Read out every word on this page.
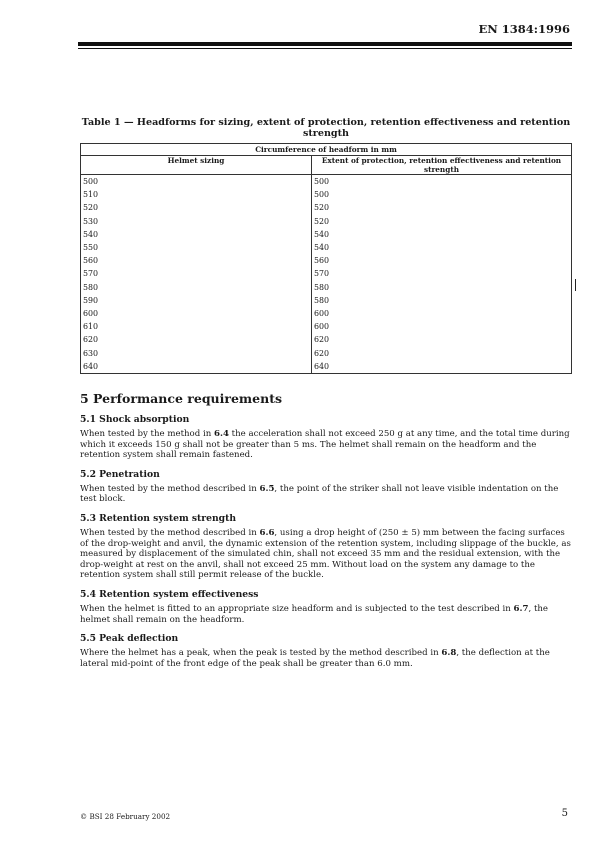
EN 1384:1996
Table 1 — Headforms for sizing, extent of protection, retention effectiveness and retention strength
Circumference of headform in mm	
Helmet sizing	Extent of protection, retention effectiveness and retention strength
500	500
510	500
520	520
530	520
540	540
550	540
560	560
570	570
580	580
590	580
600	600
610	600
620	620
630	620
640	640
5 Performance requirements
5.1 Shock absorption

When tested by the method in 6.4 the acceleration shall not exceed 250 g at any time, and the total time during which it exceeds 150 g shall not be greater than 5 ms. The helmet shall remain on the headform and the retention system shall remain fastened.

5.2 Penetration

When tested by the method described in 6.5, the point of the striker shall not leave visible indentation on the test block.

5.3 Retention system strength

When tested by the method described in 6.6, using a drop height of (250 ± 5) mm between the facing surfaces of the drop-weight and anvil, the dynamic extension of the retention system, including slippage of the buckle, as measured by displacement of the simulated chin, shall not exceed 35 mm and the residual extension, with the drop-weight at rest on the anvil, shall not exceed 25 mm. Without load on the system any damage to the retention system shall still permit release of the buckle.

5.4 Retention system effectiveness

When the helmet is fitted to an appropriate size headform and is subjected to the test described in 6.7, the helmet shall remain on the headform.

5.5 Peak deflection

Where the helmet has a peak, when the peak is tested by the method described in 6.8, the deflection at the lateral mid-point of the front edge of the peak shall be greater than 6.0 mm.

© BSI 28 February 2002	5
